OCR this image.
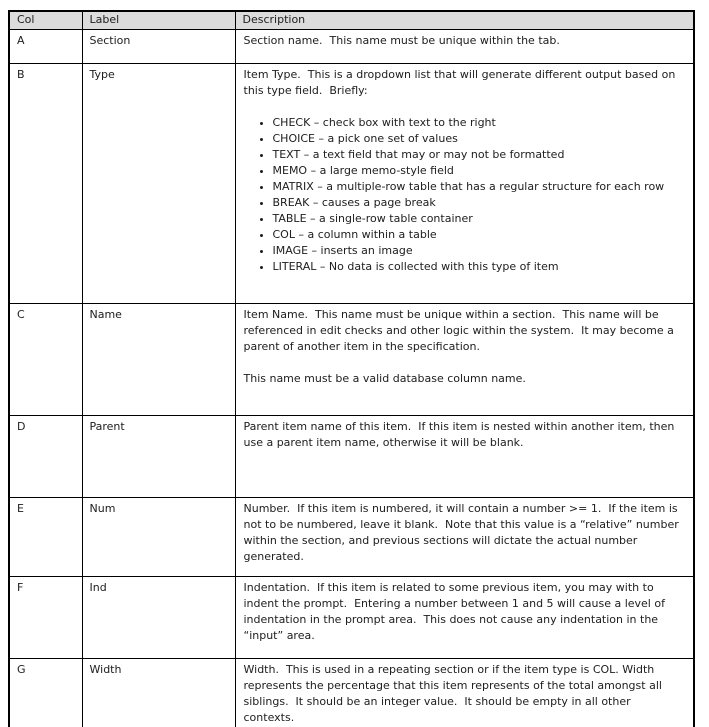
Col	Label	Description
A	Section	Section name.  This name must be unique within the tab.

B	Type	Item Type.  This is a dropdown list that will generate different output based on this type field.  Briefly:
• CHECK – check box with text to the right
• CHOICE – a pick one set of values
• TEXT – a text field that may or may not be formatted
• MEMO – a large memo-style field
• MATRIX – a multiple-row table that has a regular structure for each row
• BREAK – causes a page break
• TABLE – a single-row table container
• COL – a column within a table
• IMAGE – inserts an image
• LITERAL – No data is collected with this type of item

C	Name	Item Name.  This name must be unique within a section.  This name will be referenced in edit checks and other logic within the system.  It may become a parent of another item in the specification.
This name must be a valid database column name.

D	Parent	Parent item name of this item.  If this item is nested within another item, then use a parent item name, otherwise it will be blank.

E	Num	Number.  If this item is numbered, it will contain a number >= 1.  If the item is not to be numbered, leave it blank.  Note that this value is a “relative” number within the section, and previous sections will dictate the actual number generated.

F	Ind	Indentation.  If this item is related to some previous item, you may with to indent the prompt.  Entering a number between 1 and 5 will cause a level of indentation in the prompt area.  This does not cause any indentation in the “input” area.

G	Width	Width.  This is used in a repeating section or if the item type is COL. Width represents the percentage that this item represents of the total amongst all siblings.  It should be an integer value.  It should be empty in all other contexts.
